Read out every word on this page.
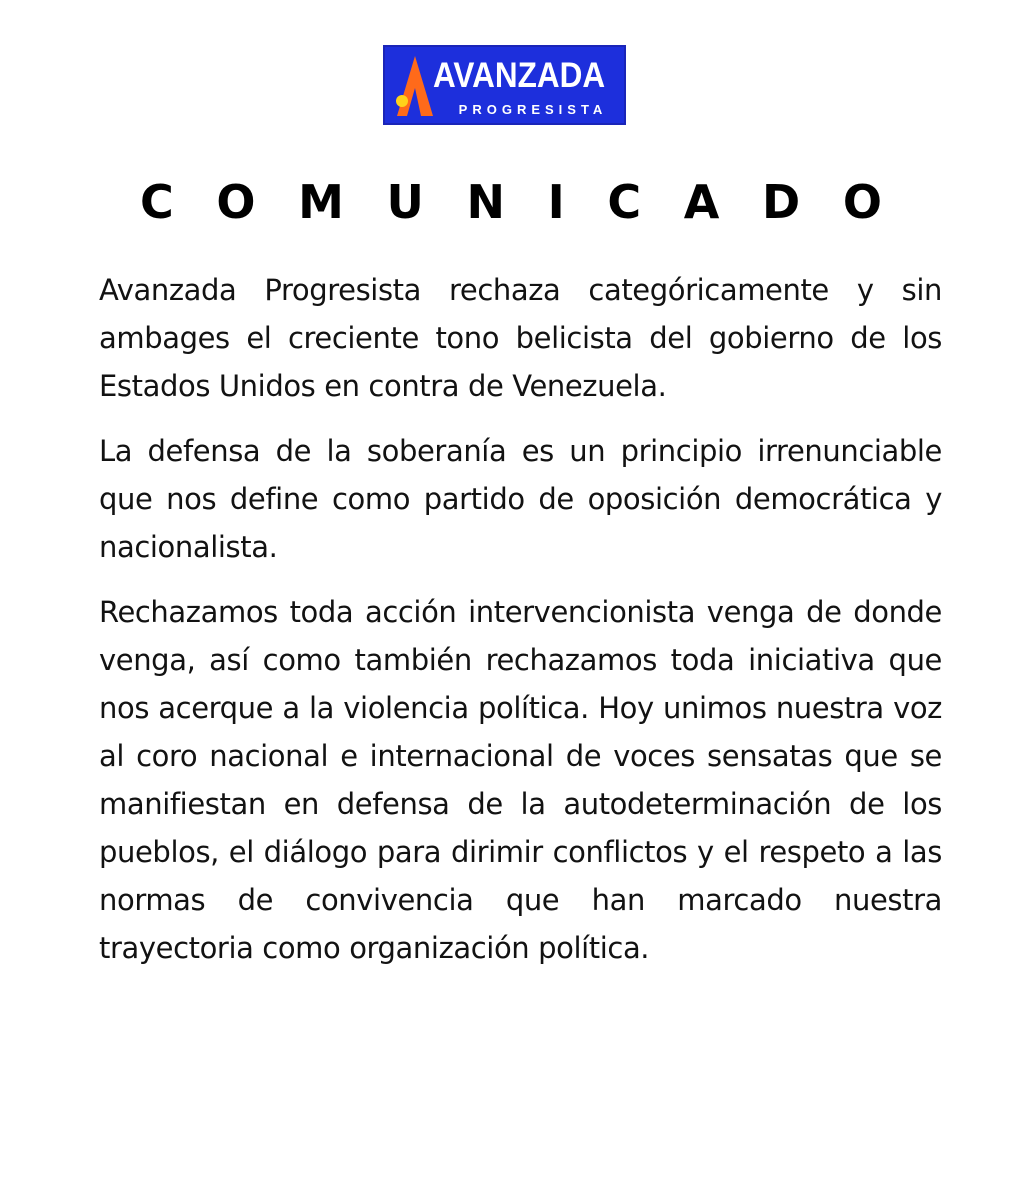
AVANZADA
PROGRESISTA
C O M U N I C A D O

Avanzada Progresista rechaza categóricamente y sin ambages el creciente tono belicista del gobierno de los Estados Unidos en contra de Venezuela.

La defensa de la soberanía es un principio irrenunciable que nos define como partido de oposición democrática y nacionalista.

Rechazamos toda acción intervencionista venga de donde venga, así como también rechazamos toda iniciativa que nos acerque a la violencia política. Hoy unimos nuestra voz al coro nacional e internacional de voces sensatas que se manifiestan en defensa de la autodeterminación de los pueblos, el diálogo para dirimir conflictos y el respeto a las normas de convivencia que han marcado nuestra trayectoria como organización política.
